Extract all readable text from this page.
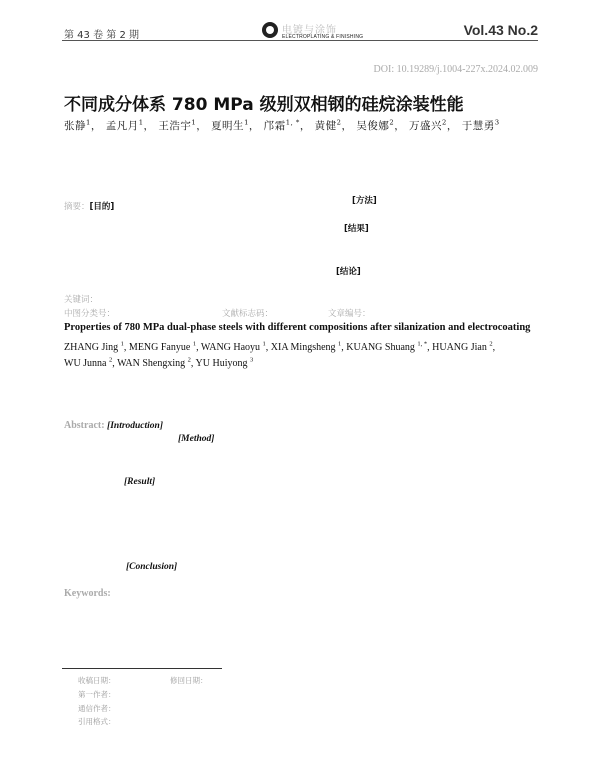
第 43 卷 第 2 期	电镀与涂饰
ELECTROPLATING & FINISHING	Vol.43 No.2
DOI: 10.19289/j.1004-227x.2024.02.009
不同成分体系 780 MPa 级别双相钢的硅烷涂装性能
张静$^1$， 孟凡月$^1$， 王浩宇$^1$， 夏明生$^1$， 邝霜$^{1, *}$， 黄健$^2$， 吴俊娜$^2$， 万盛兴$^2$， 于慧勇$^3$
摘要：[目的]
[方法]
[结果]
[结论]
关键词：
中图分类号：	文献标志码：	文章编号：
Properties of 780 MPa dual-phase steels with different compositions after silanization and electrocoating
ZHANG Jing $^1$, MENG Fanyue $^1$, WANG Haoyu $^1$, XIA Mingsheng $^1$, KUANG Shuang $^{1, *}$, HUANG Jian $^2$,
WU Junna $^2$, WAN Shengxing $^2$, YU Huiyong $^3$
Abstract: [Introduction]
[Method]
[Result]
[Conclusion]
Keywords:
收稿日期：	修回日期：
第一作者：
通信作者：
引用格式：
